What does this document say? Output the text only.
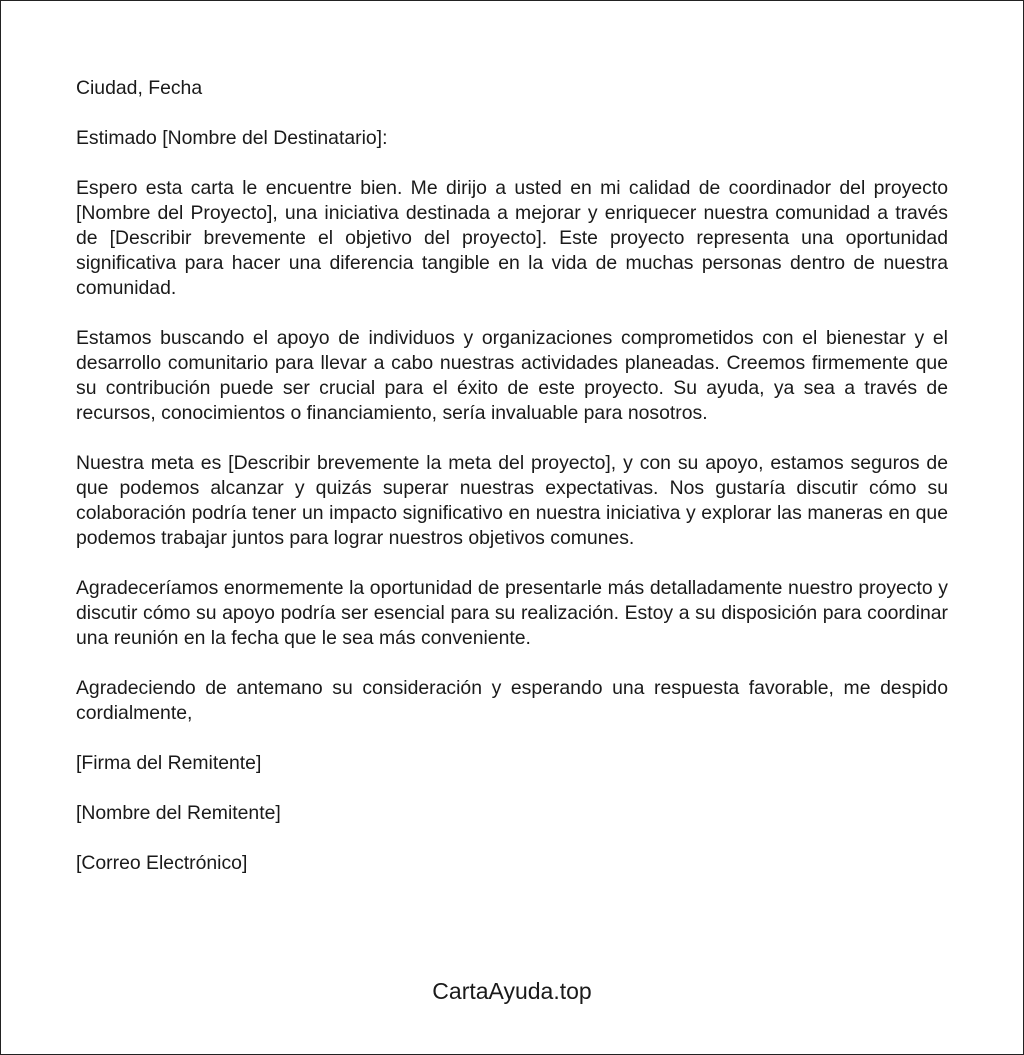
Ciudad, Fecha

Estimado [Nombre del Destinatario]:

Espero esta carta le encuentre bien. Me dirijo a usted en mi calidad de coordinador del proyecto [Nombre del Proyecto], una iniciativa destinada a mejorar y enriquecer nuestra comunidad a través de [Describir brevemente el objetivo del proyecto]. Este proyecto representa una oportunidad significativa para hacer una diferencia tangible en la vida de muchas personas dentro de nuestra comunidad.

Estamos buscando el apoyo de individuos y organizaciones comprometidos con el bienestar y el desarrollo comunitario para llevar a cabo nuestras actividades planeadas. Creemos firmemente que su contribución puede ser crucial para el éxito de este proyecto. Su ayuda, ya sea a través de recursos, conocimientos o financiamiento, sería invaluable para nosotros.

Nuestra meta es [Describir brevemente la meta del proyecto], y con su apoyo, estamos seguros de que podemos alcanzar y quizás superar nuestras expectativas. Nos gustaría discutir cómo su colaboración podría tener un impacto significativo en nuestra iniciativa y explorar las maneras en que podemos trabajar juntos para lograr nuestros objetivos comunes.

Agradeceríamos enormemente la oportunidad de presentarle más detalladamente nuestro proyecto y discutir cómo su apoyo podría ser esencial para su realización. Estoy a su disposición para coordinar una reunión en la fecha que le sea más conveniente.

Agradeciendo de antemano su consideración y esperando una respuesta favorable, me despido cordialmente,

[Firma del Remitente]

[Nombre del Remitente]

[Correo Electrónico]

CartaAyuda.top
